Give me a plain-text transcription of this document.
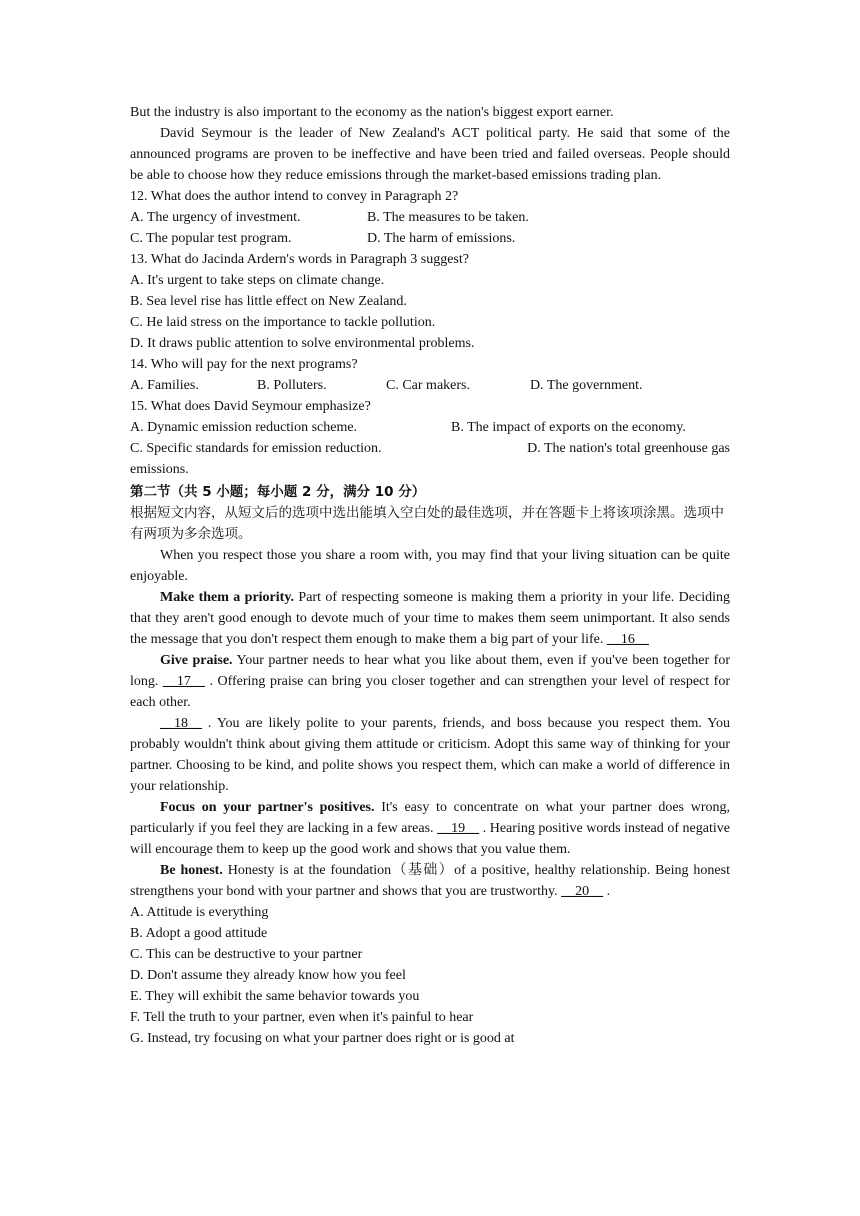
But the industry is also important to the economy as the nation's biggest export earner.

David Seymour is the leader of New Zealand's ACT political party. He said that some of the announced programs are proven to be ineffective and have been tried and failed overseas. People should be able to choose how they reduce emissions through the market-based emissions trading plan.

12. What does the author intend to convey in Paragraph 2?

A. The urgency of investment.	B. The measures to be taken.
C. The popular test program.	D. The harm of emissions.

13. What do Jacinda Ardern's words in Paragraph 3 suggest?

A. It's urgent to take steps on climate change.

B. Sea level rise has little effect on New Zealand.

C. He laid stress on the importance to tackle pollution.

D. It draws public attention to solve environmental problems.

14. Who will pay for the next programs?

A. Families.	B. Polluters.	C. Car makers.	D. The government.

15. What does David Seymour emphasize?

A. Dynamic emission reduction scheme.	B. The impact of exports on the economy.
C. Specific standards for emission reduction.	D. The nation's total greenhouse gas

emissions.

第二节（共 5 小题；每小题 2 分，满分 10 分）

根据短文内容，从短文后的选项中选出能填入空白处的最佳选项，并在答题卡上将该项涂黑。选项中有两项为多余选项。

When you respect those you share a room with, you may find that your living situation can be quite enjoyable.

Make them a priority. Part of respecting someone is making them a priority in your life. Deciding that they aren't good enough to devote much of your time to makes them seem unimportant. It also sends the message that you don't respect them enough to make them a big part of your life. __16__

Give praise. Your partner needs to hear what you like about them, even if you've been together for long. __17__ . Offering praise can bring you closer together and can strengthen your level of respect for each other.

__18__ . You are likely polite to your parents, friends, and boss because you respect them. You probably wouldn't think about giving them attitude or criticism. Adopt this same way of thinking for your partner. Choosing to be kind, and polite shows you respect them, which can make a world of difference in your relationship.

Focus on your partner's positives. It's easy to concentrate on what your partner does wrong, particularly if you feel they are lacking in a few areas. __19__ . Hearing positive words instead of negative will encourage them to keep up the good work and shows that you value them.

Be honest. Honesty is at the foundation（基础）of a positive, healthy relationship. Being honest strengthens your bond with your partner and shows that you are trustworthy. __20__ .

A. Attitude is everything

B. Adopt a good attitude

C. This can be destructive to your partner

D. Don't assume they already know how you feel

E. They will exhibit the same behavior towards you

F. Tell the truth to your partner, even when it's painful to hear

G. Instead, try focusing on what your partner does right or is good at
